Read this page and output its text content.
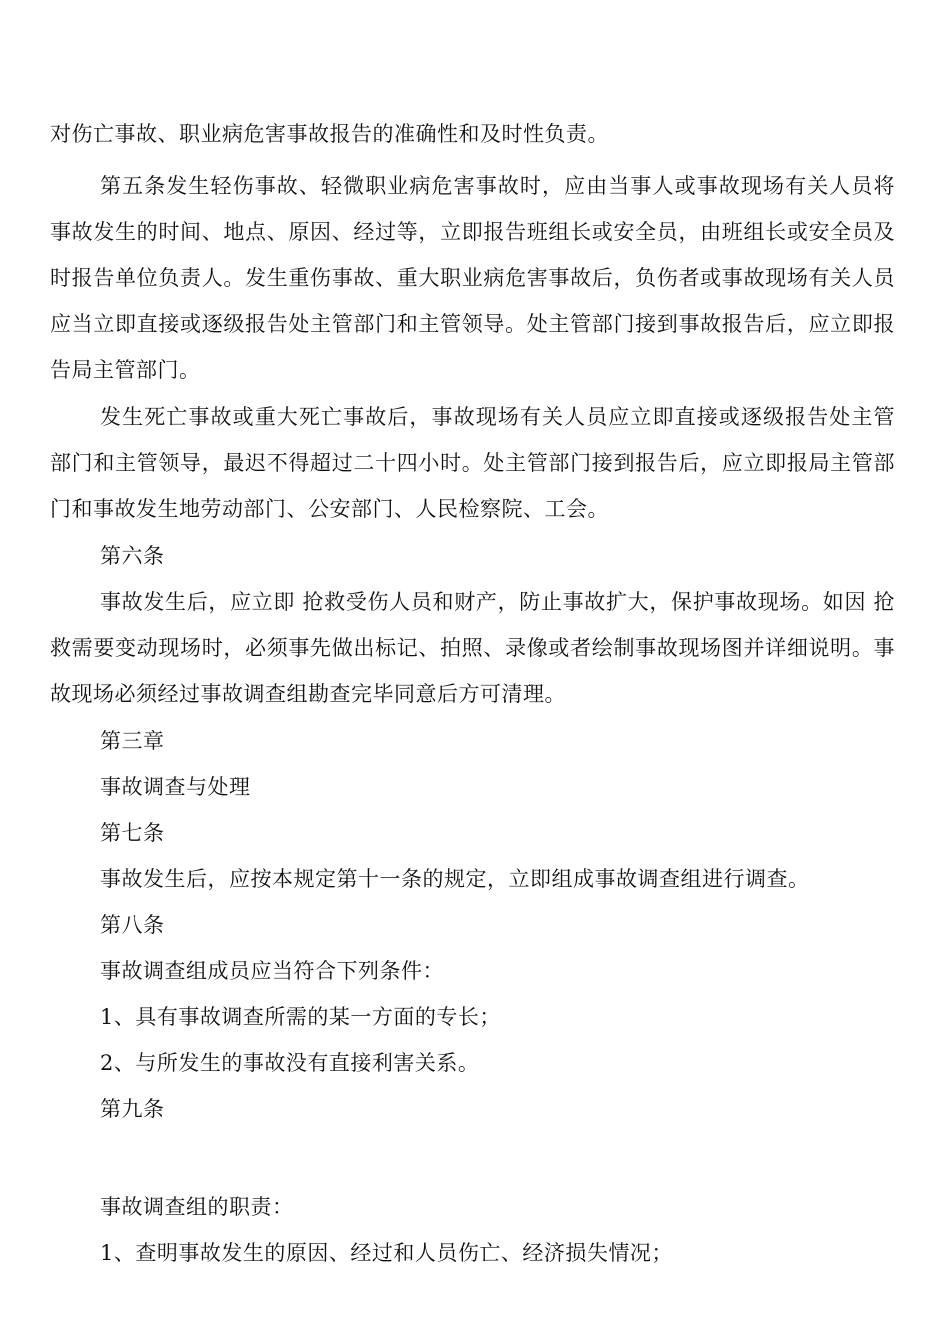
对伤亡事故、职业病危害事故报告的准确性和及时性负责。
第五条发生轻伤事故、轻微职业病危害事故时，应由当事人或事故现场有关人员将事故发生的时间、地点、原因、经过等，立即报告班组长或安全员，由班组长或安全员及时报告单位负责人。发生重伤事故、重大职业病危害事故后，负伤者或事故现场有关人员应当立即直接或逐级报告处主管部门和主管领导。处主管部门接到事故报告后，应立即报告局主管部门。
发生死亡事故或重大死亡事故后，事故现场有关人员应立即直接或逐级报告处主管部门和主管领导，最迟不得超过二十四小时。处主管部门接到报告后，应立即报局主管部门和事故发生地劳动部门、公安部门、人民检察院、工会。
第六条
事故发生后，应立即 抢救受伤人员和财产，防止事故扩大，保护事故现场。如因 抢救需要变动现场时，必须事先做出标记、拍照、录像或者绘制事故现场图并详细说明。事故现场必须经过事故调查组勘查完毕同意后方可清理。
第三章
事故调查与处理
第七条
事故发生后，应按本规定第十一条的规定，立即组成事故调查组进行调查。
第八条
事故调查组成员应当符合下列条件：
1、具有事故调查所需的某一方面的专长；
2、与所发生的事故没有直接利害关系。
第九条
事故调查组的职责：
1、查明事故发生的原因、经过和人员伤亡、经济损失情况；
